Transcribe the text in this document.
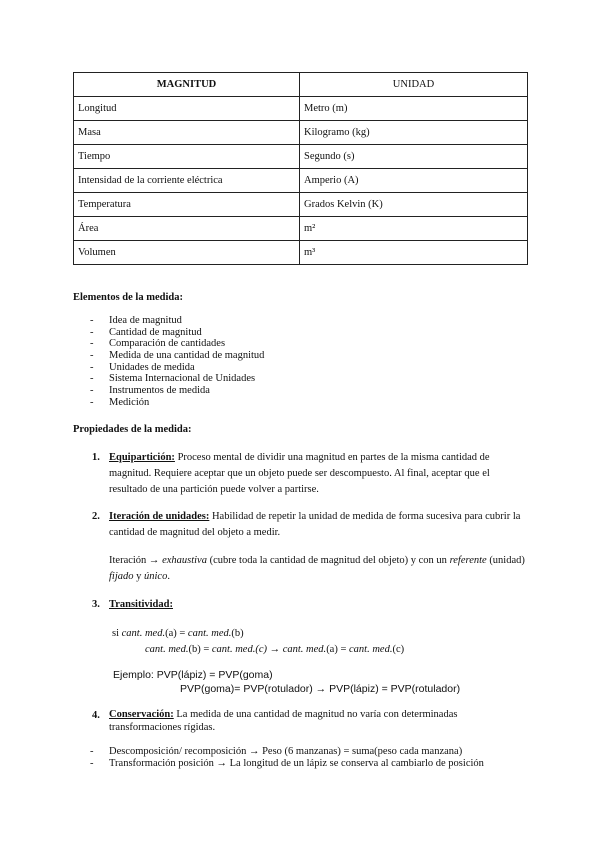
MAGNITUD	UNIDAD
Longitud	Metro (m)
Masa	Kilogramo (kg)
Tiempo	Segundo (s)
Intensidad de la corriente eléctrica	Amperio (A)
Temperatura	Grados Kelvin (K)
Área	m²
Volumen	m³
Elementos de la medida:
- Idea de magnitud
- Cantidad de magnitud
- Comparación de cantidades
- Medida de una cantidad de magnitud
- Unidades de medida
- Sistema Internacional de Unidades
- Instrumentos de medida
- Medición
Propiedades de la medida:
1. Equipartición: Proceso mental de dividir una magnitud en partes de la misma cantidad de magnitud. Requiere aceptar que un objeto puede ser descompuesto. Al final, aceptar que el resultado de una partición puede volver a partirse.
2. Iteración de unidades: Habilidad de repetir la unidad de medida de forma sucesiva para cubrir la cantidad de magnitud del objeto a medir.
Iteración → exhaustiva (cubre toda la cantidad de magnitud del objeto) y con un referente (unidad) fijado y único.
3. Transitividad:
si cant. med.(a) = cant. med.(b)
cant. med.(b) = cant. med.(c) → cant. med.(a) = cant. med.(c)
Ejemplo: PVP(lápiz) = PVP(goma)
PVP(goma)= PVP(rotulador) → PVP(lápiz) = PVP(rotulador)
4. Conservación: La medida de una cantidad de magnitud no varía con determinadas transformaciones rígidas.
- Descomposición/ recomposición → Peso (6 manzanas) = suma(peso cada manzana)
- Transformación posición → La longitud de un lápiz se conserva al cambiarlo de posición
